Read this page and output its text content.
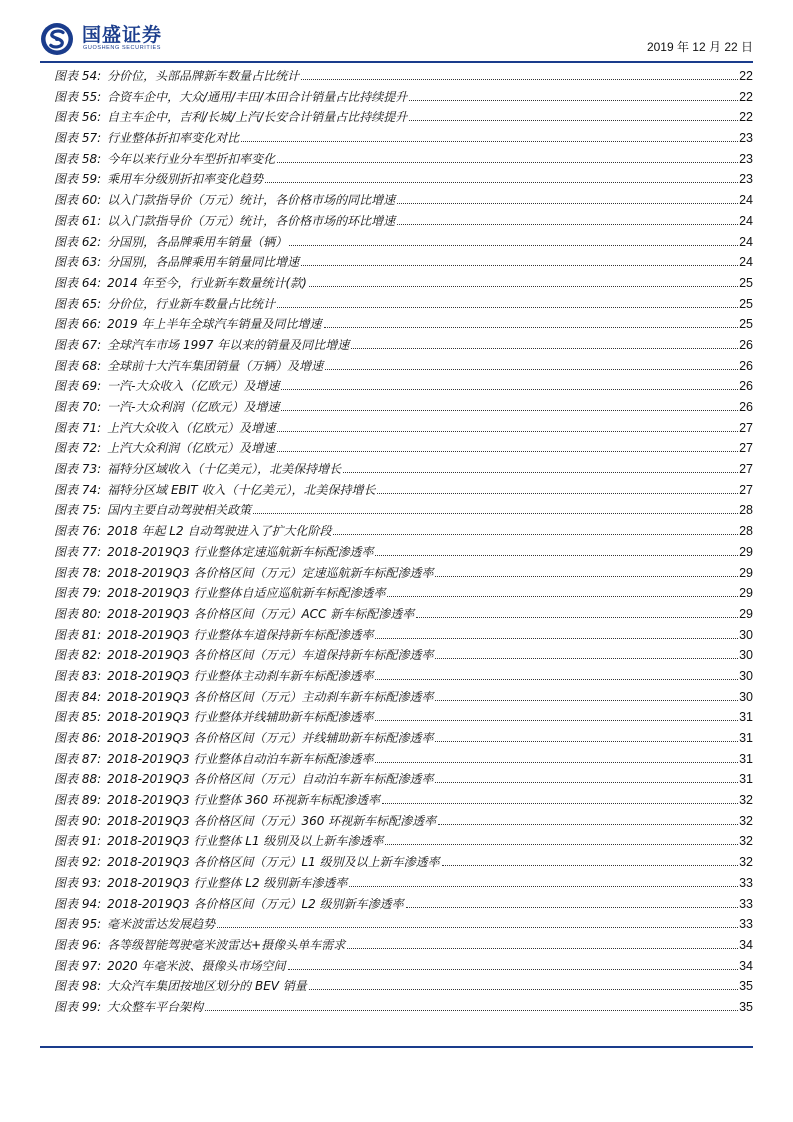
国盛证券
GUOSHENG SECURITIES	2019 年 12 月 22 日
图表 54: 分价位，头部品牌新车数量占比统计	22
图表 55: 合资车企中，大众/通用/丰田/本田合计销量占比持续提升	22
图表 56: 自主车企中，吉利/长城/上汽/长安合计销量占比持续提升	22
图表 57: 行业整体折扣率变化对比	23
图表 58: 今年以来行业分车型折扣率变化	23
图表 59: 乘用车分级别折扣率变化趋势	23
图表 60: 以入门款指导价（万元）统计，各价格市场的同比增速	24
图表 61: 以入门款指导价（万元）统计，各价格市场的环比增速	24
图表 62: 分国别，各品牌乘用车销量（辆）	24
图表 63: 分国别，各品牌乘用车销量同比增速	24
图表 64: 2014 年至今，行业新车数量统计(款)	25
图表 65: 分价位，行业新车数量占比统计	25
图表 66: 2019 年上半年全球汽车销量及同比增速	25
图表 67: 全球汽车市场 1997 年以来的销量及同比增速	26
图表 68: 全球前十大汽车集团销量（万辆）及增速	26
图表 69: 一汽-大众收入（亿欧元）及增速	26
图表 70: 一汽-大众利润（亿欧元）及增速	26
图表 71: 上汽大众收入（亿欧元）及增速	27
图表 72: 上汽大众利润（亿欧元）及增速	27
图表 73: 福特分区域收入（十亿美元），北美保持增长	27
图表 74: 福特分区域 EBIT 收入（十亿美元），北美保持增长	27
图表 75: 国内主要自动驾驶相关政策	28
图表 76: 2018 年起 L2 自动驾驶进入了扩大化阶段	28
图表 77: 2018-2019Q3 行业整体定速巡航新车标配渗透率	29
图表 78: 2018-2019Q3 各价格区间（万元）定速巡航新车标配渗透率	29
图表 79: 2018-2019Q3 行业整体自适应巡航新车标配渗透率	29
图表 80: 2018-2019Q3 各价格区间（万元）ACC 新车标配渗透率	29
图表 81: 2018-2019Q3 行业整体车道保持新车标配渗透率	30
图表 82: 2018-2019Q3 各价格区间（万元）车道保持新车标配渗透率	30
图表 83: 2018-2019Q3 行业整体主动刹车新车标配渗透率	30
图表 84: 2018-2019Q3 各价格区间（万元）主动刹车新车标配渗透率	30
图表 85: 2018-2019Q3 行业整体并线辅助新车标配渗透率	31
图表 86: 2018-2019Q3 各价格区间（万元）并线辅助新车标配渗透率	31
图表 87: 2018-2019Q3 行业整体自动泊车新车标配渗透率	31
图表 88: 2018-2019Q3 各价格区间（万元）自动泊车新车标配渗透率	31
图表 89: 2018-2019Q3 行业整体 360 环视新车标配渗透率	32
图表 90: 2018-2019Q3 各价格区间（万元）360 环视新车标配渗透率	32
图表 91: 2018-2019Q3 行业整体 L1 级别及以上新车渗透率	32
图表 92: 2018-2019Q3 各价格区间（万元）L1 级别及以上新车渗透率	32
图表 93: 2018-2019Q3 行业整体 L2 级别新车渗透率	33
图表 94: 2018-2019Q3 各价格区间（万元）L2 级别新车渗透率	33
图表 95: 毫米波雷达发展趋势	33
图表 96: 各等级智能驾驶毫米波雷达+摄像头单车需求	34
图表 97: 2020 年毫米波、摄像头市场空间	34
图表 98: 大众汽车集团按地区划分的 BEV 销量	35
图表 99: 大众整车平台架构	35
